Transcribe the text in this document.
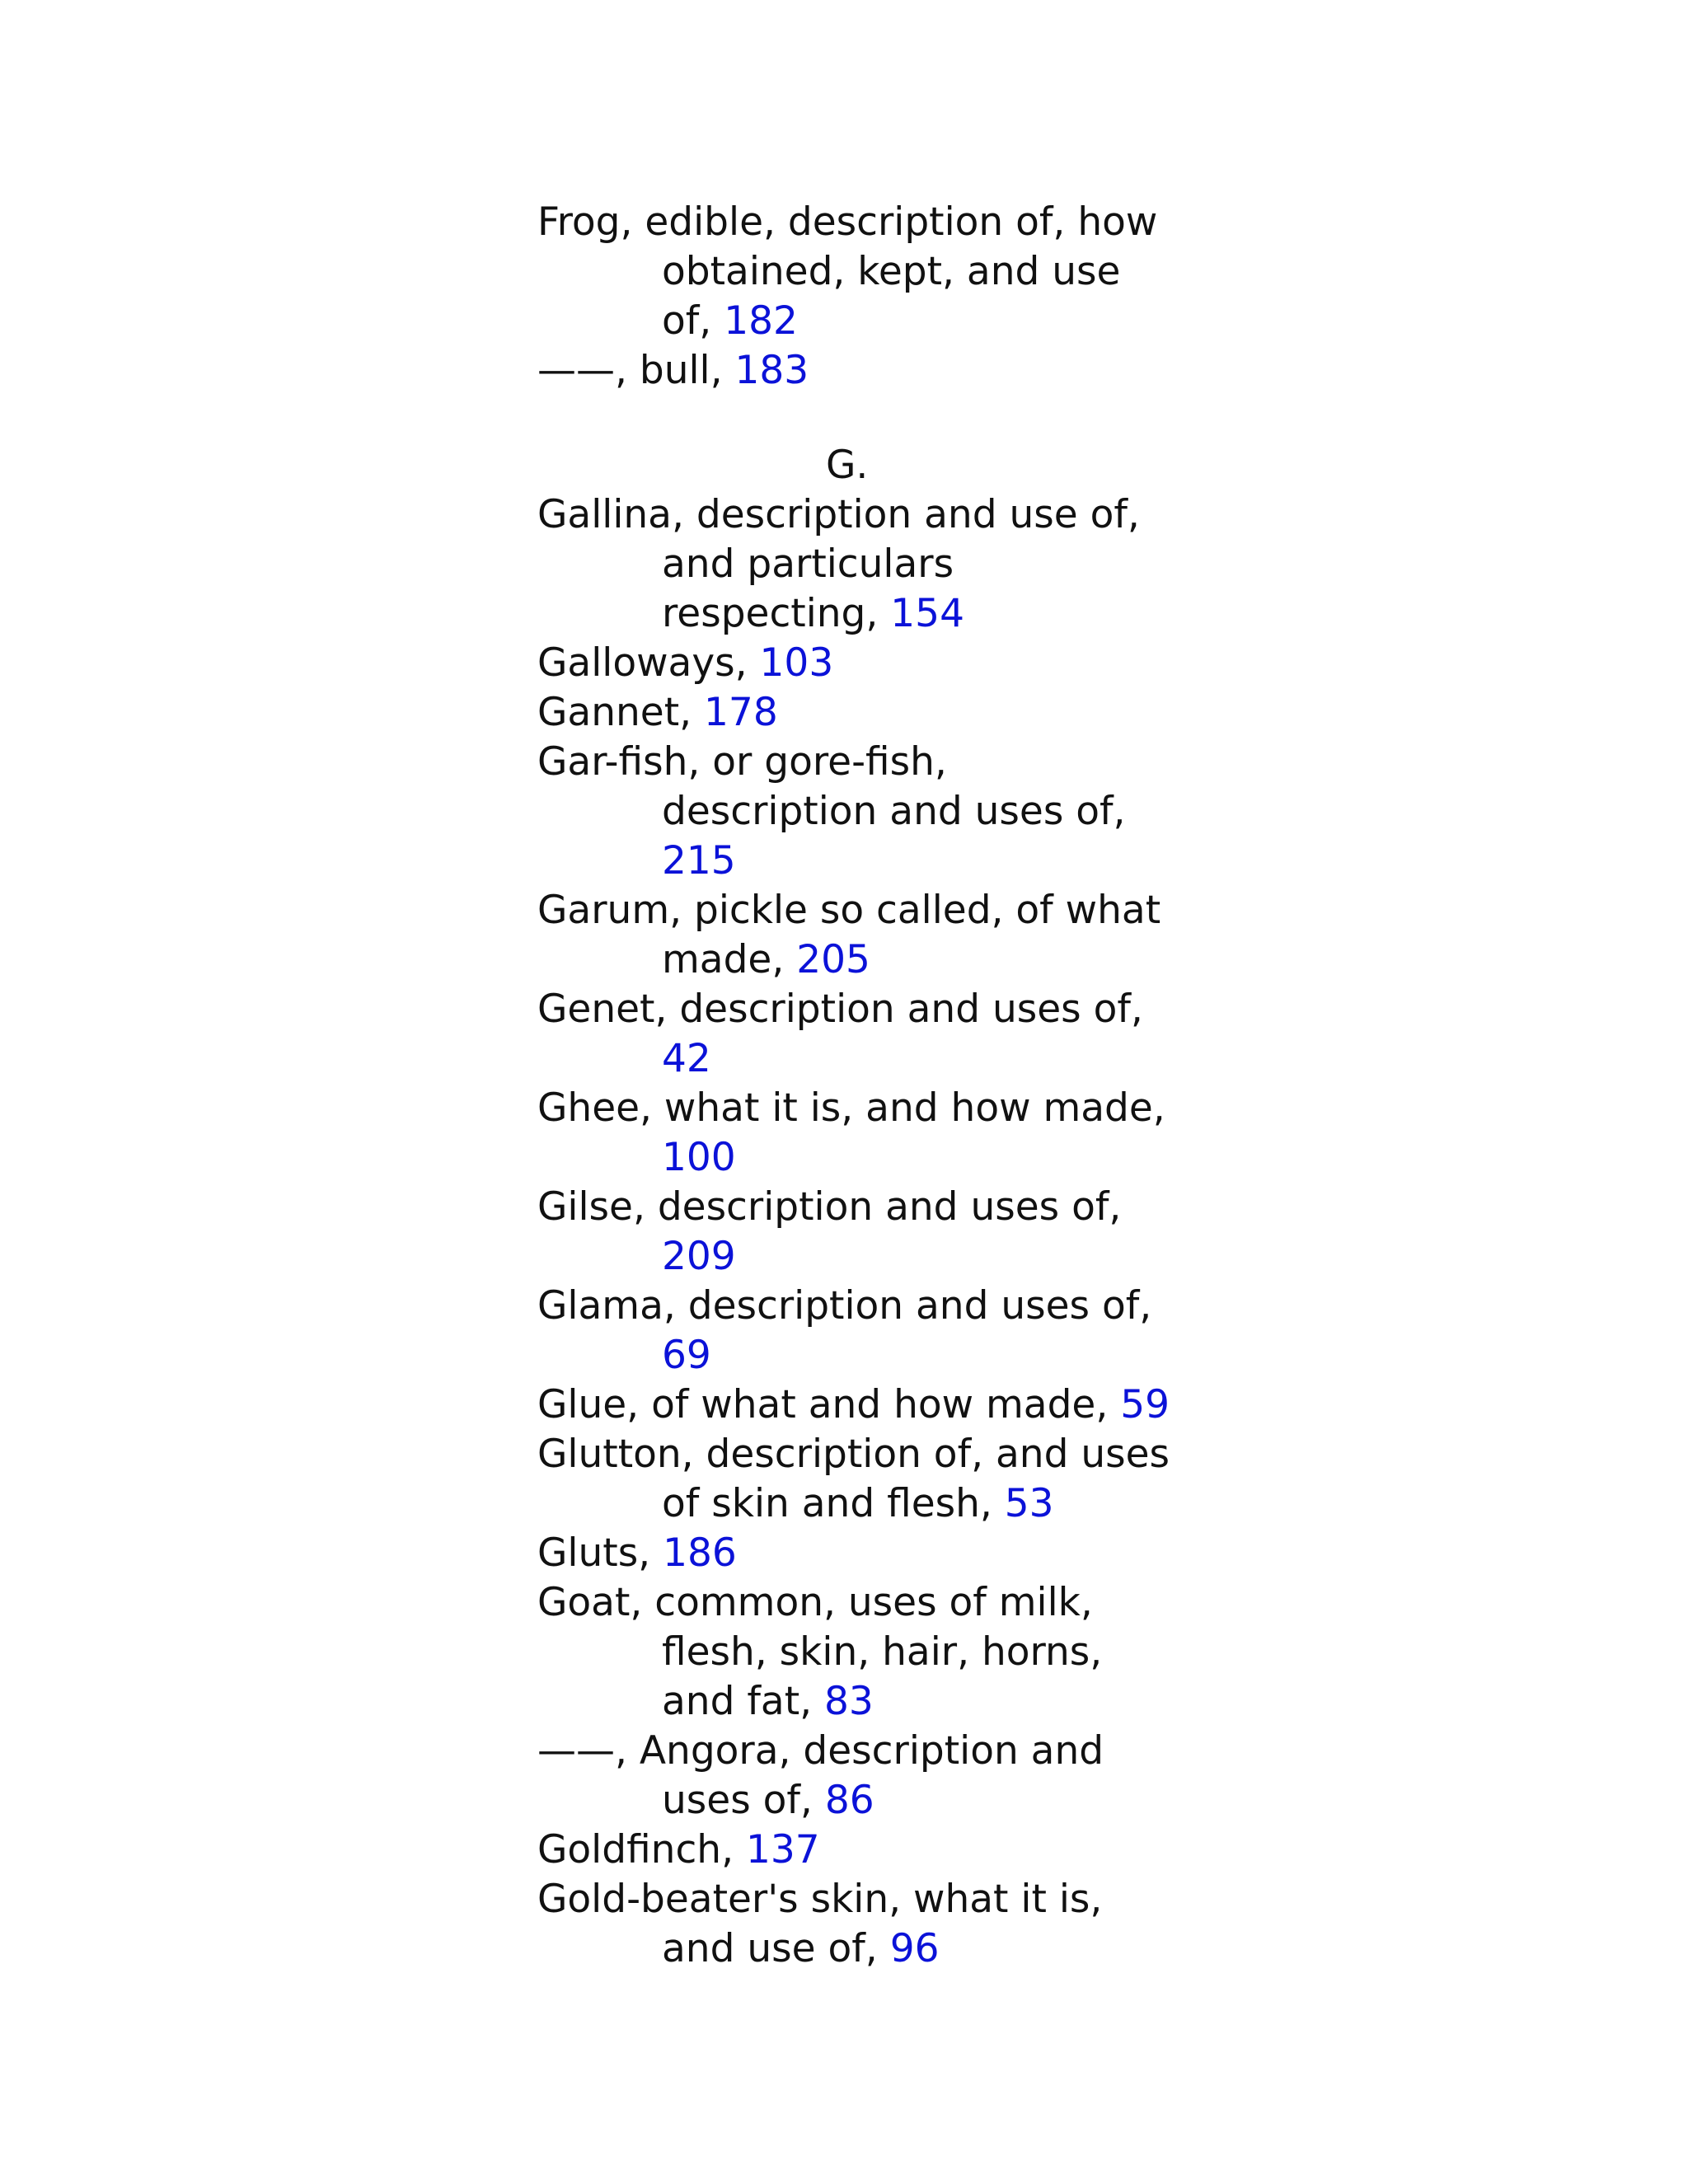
Frog, edible, description of, how
obtained, kept, and use
of, 182
——, bull, 183
G.
Gallina, description and use of,
and particulars
respecting, 154
Galloways, 103
Gannet, 178
Gar-fish, or gore-fish,
description and uses of,
215
Garum, pickle so called, of what
made, 205
Genet, description and uses of,
42
Ghee, what it is, and how made,
100
Gilse, description and uses of,
209
Glama, description and uses of,
69
Glue, of what and how made, 59
Glutton, description of, and uses
of skin and flesh, 53
Gluts, 186
Goat, common, uses of milk,
flesh, skin, hair, horns,
and fat, 83
——, Angora, description and
uses of, 86
Goldfinch, 137
Gold-beater's skin, what it is,
and use of, 96
